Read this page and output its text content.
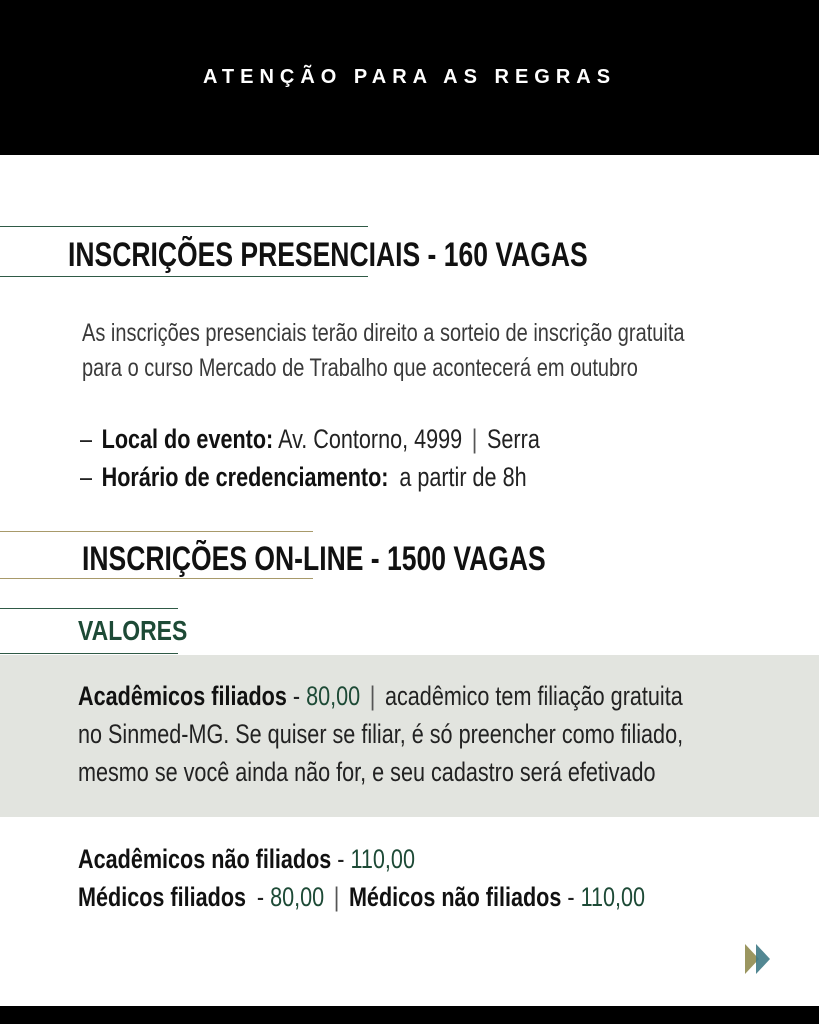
ATENÇÃO PARA AS REGRAS
INSCRIÇÕES PRESENCIAIS - 160 VAGAS
As inscrições presenciais terão direito a sorteio de inscrição gratuita
para o curso Mercado de Trabalho que acontecerá em outubro
– Local do evento: Av. Contorno, 4999 | Serra
– Horário de credenciamento: a partir de 8h
INSCRIÇÕES ON-LINE - 1500 VAGAS
VALORES
Acadêmicos filiados - 80,00 | acadêmico tem filiação gratuita
no Sinmed-MG. Se quiser se filiar, é só preencher como filiado,
mesmo se você ainda não for, e seu cadastro será efetivado
Acadêmicos não filiados - 110,00
Médicos filiados - 80,00 | Médicos não filiados - 110,00
